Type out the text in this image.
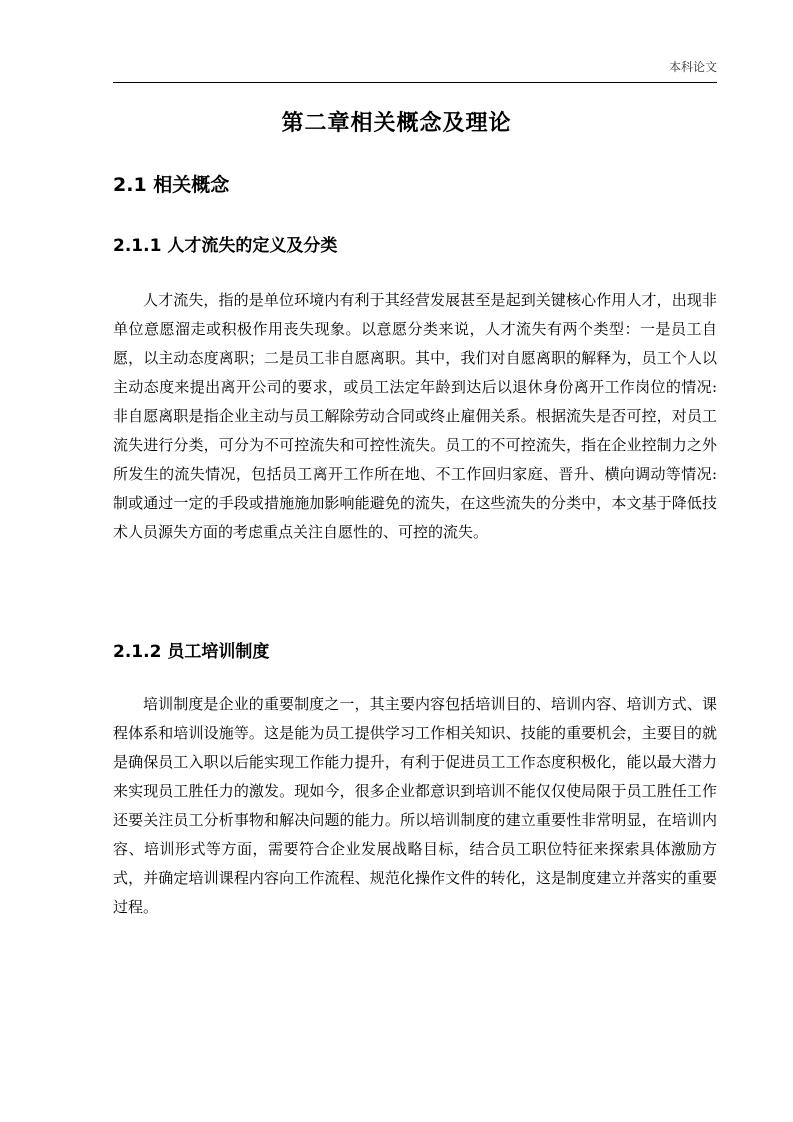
本科论文
第二章相关概念及理论
2.1 相关概念
2.1.1 人才流失的定义及分类

人才流失，指的是单位环境内有利于其经营发展甚至是起到关键核心作用人才，出现非单位意愿溜走或积极作用丧失现象。以意愿分类来说，人才流失有两个类型：一是员工自愿，以主动态度离职；二是员工非自愿离职。其中，我们对自愿离职的解释为，员工个人以主动态度来提出离开公司的要求，或员工法定年龄到达后以退休身份离开工作岗位的情况:非自愿离职是指企业主动与员工解除劳动合同或终止雇佣关系。根据流失是否可控，对员工流失进行分类，可分为不可控流失和可控性流失。员工的不可控流失，指在企业控制力之外所发生的流失情况，包括员工离开工作所在地、不工作回归家庭、晋升、横向调动等情况:制或通过一定的手段或措施施加影响能避免的流失，在这些流失的分类中，本文基于降低技术人员源失方面的考虑重点关注自愿性的、可控的流失。

2.1.2 员工培训制度

培训制度是企业的重要制度之一，其主要内容包括培训目的、培训内容、培训方式、课程体系和培训设施等。这是能为员工提供学习工作相关知识、技能的重要机会，主要目的就是确保员工入职以后能实现工作能力提升，有利于促进员工工作态度积极化，能以最大潜力来实现员工胜任力的激发。现如今，很多企业都意识到培训不能仅仅使局限于员工胜任工作还要关注员工分析事物和解决问题的能力。所以培训制度的建立重要性非常明显，在培训内容、培训形式等方面，需要符合企业发展战略目标，结合员工职位特征来探索具体激励方式，并确定培训课程内容向工作流程、规范化操作文件的转化，这是制度建立并落实的重要过程。
